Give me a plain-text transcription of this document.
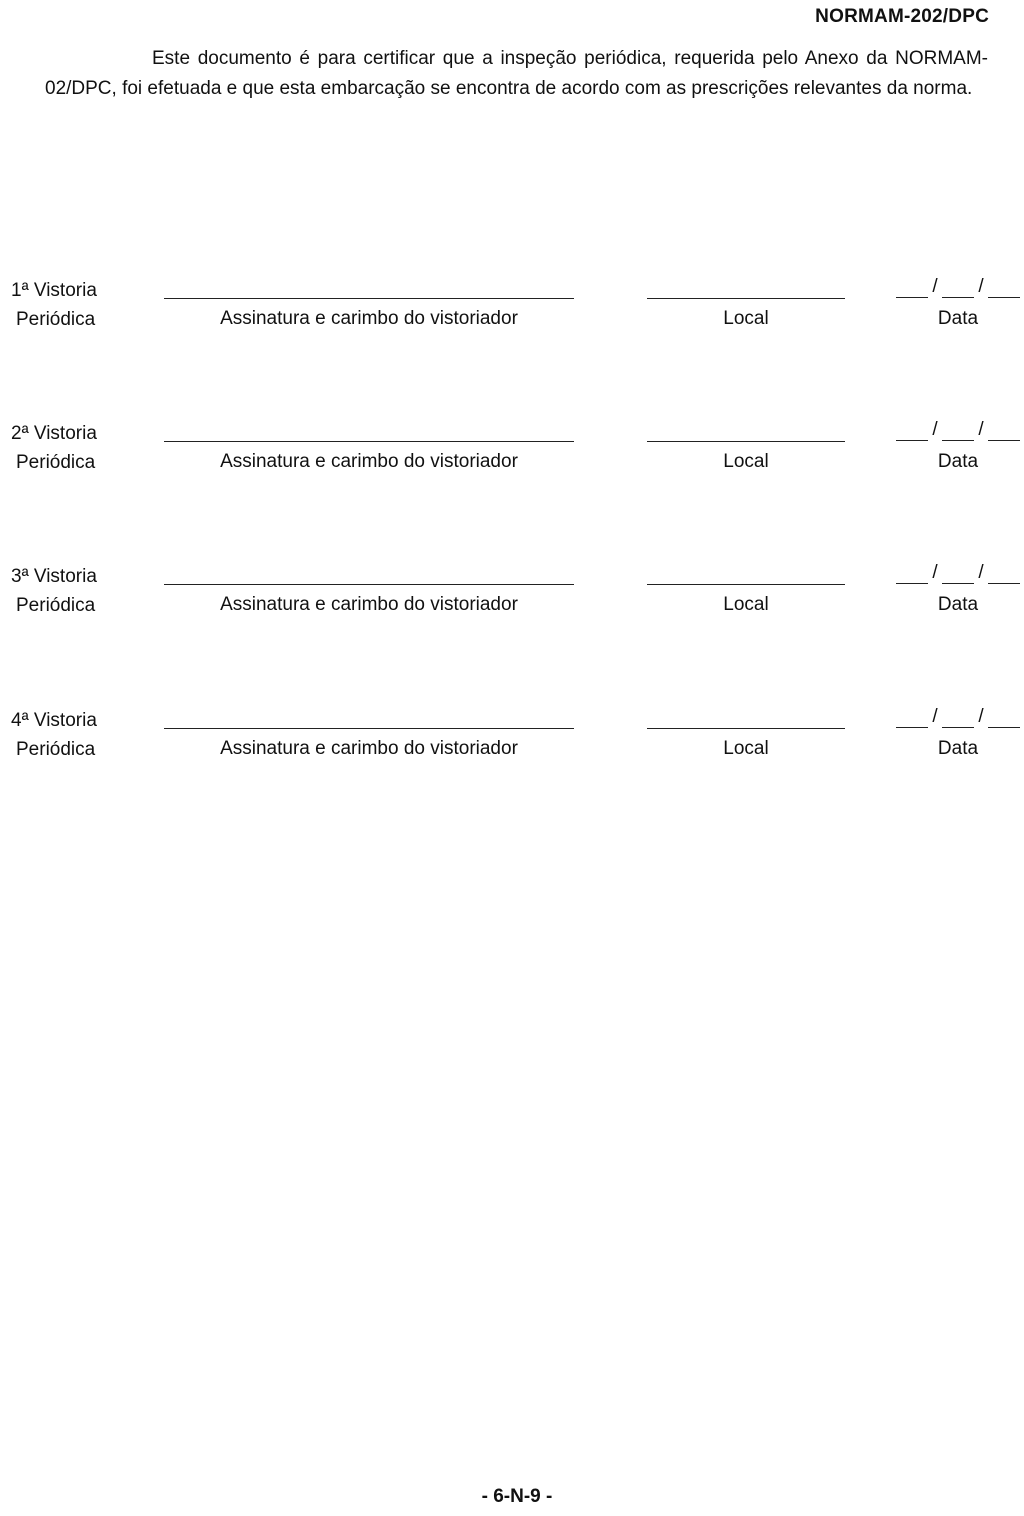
NORMAM-202/DPC

Este documento é para certificar que a inspeção periódica, requerida pelo Anexo da NORMAM-02/DPC, foi efetuada e que esta embarcação se encontra de acordo com as prescrições relevantes da norma.

1ª Vistoria
Periódica
/ /
Assinatura e carimbo do vistoriador	Local	Data
2ª Vistoria
Periódica
/ /
Assinatura e carimbo do vistoriador	Local	Data
3ª Vistoria
Periódica
/ /
Assinatura e carimbo do vistoriador	Local	Data
4ª Vistoria
Periódica
/ /
Assinatura e carimbo do vistoriador	Local	Data
- 6-N-9 -
